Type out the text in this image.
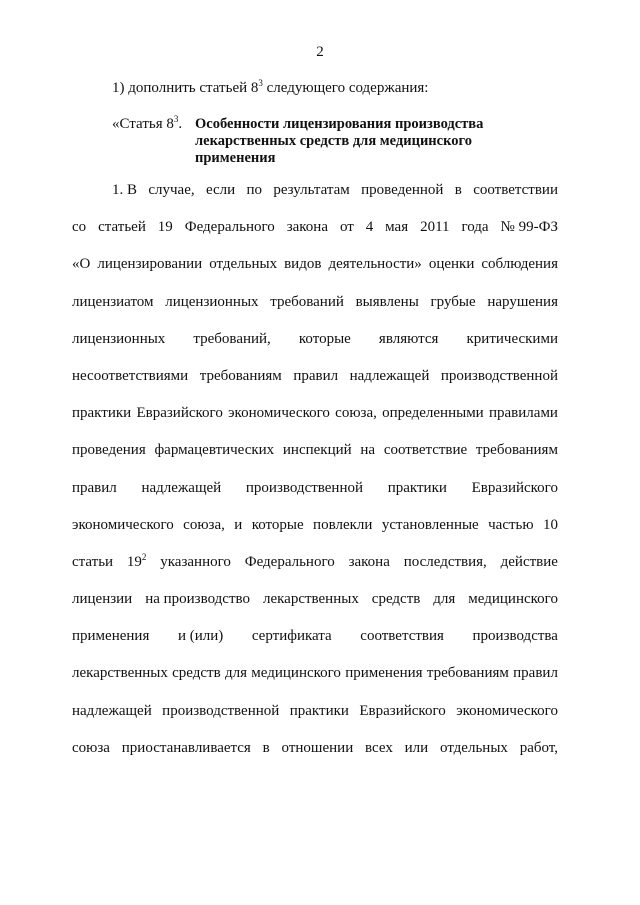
2
1) дополнить статьей $8^3$ следующего содержания:
«Статья $8^3$. Особенности лицензирования производства
лекарственных средств для медицинского
применения
1. В случае, если по результатам проведенной в соответствии
со статьей 19 Федерального закона от 4 мая 2011 года № 99-ФЗ
«О лицензировании отдельных видов деятельности» оценки соблюдения
лицензиатом лицензионных требований выявлены грубые нарушения
лицензионных требований, которые являются критическими
несоответствиями требованиям правил надлежащей производственной
практики Евразийского экономического союза, определенными правилами
проведения фармацевтических инспекций на соответствие требованиям
правил надлежащей производственной практики Евразийского
экономического союза, и которые повлекли установленные частью 10
статьи $19^2$ указанного Федерального закона последствия, действие
лицензии на производство лекарственных средств для медицинского
применения и (или) сертификата соответствия производства
лекарственных средств для медицинского применения требованиям правил
надлежащей производственной практики Евразийского экономического
союза приостанавливается в отношении всех или отдельных работ,
